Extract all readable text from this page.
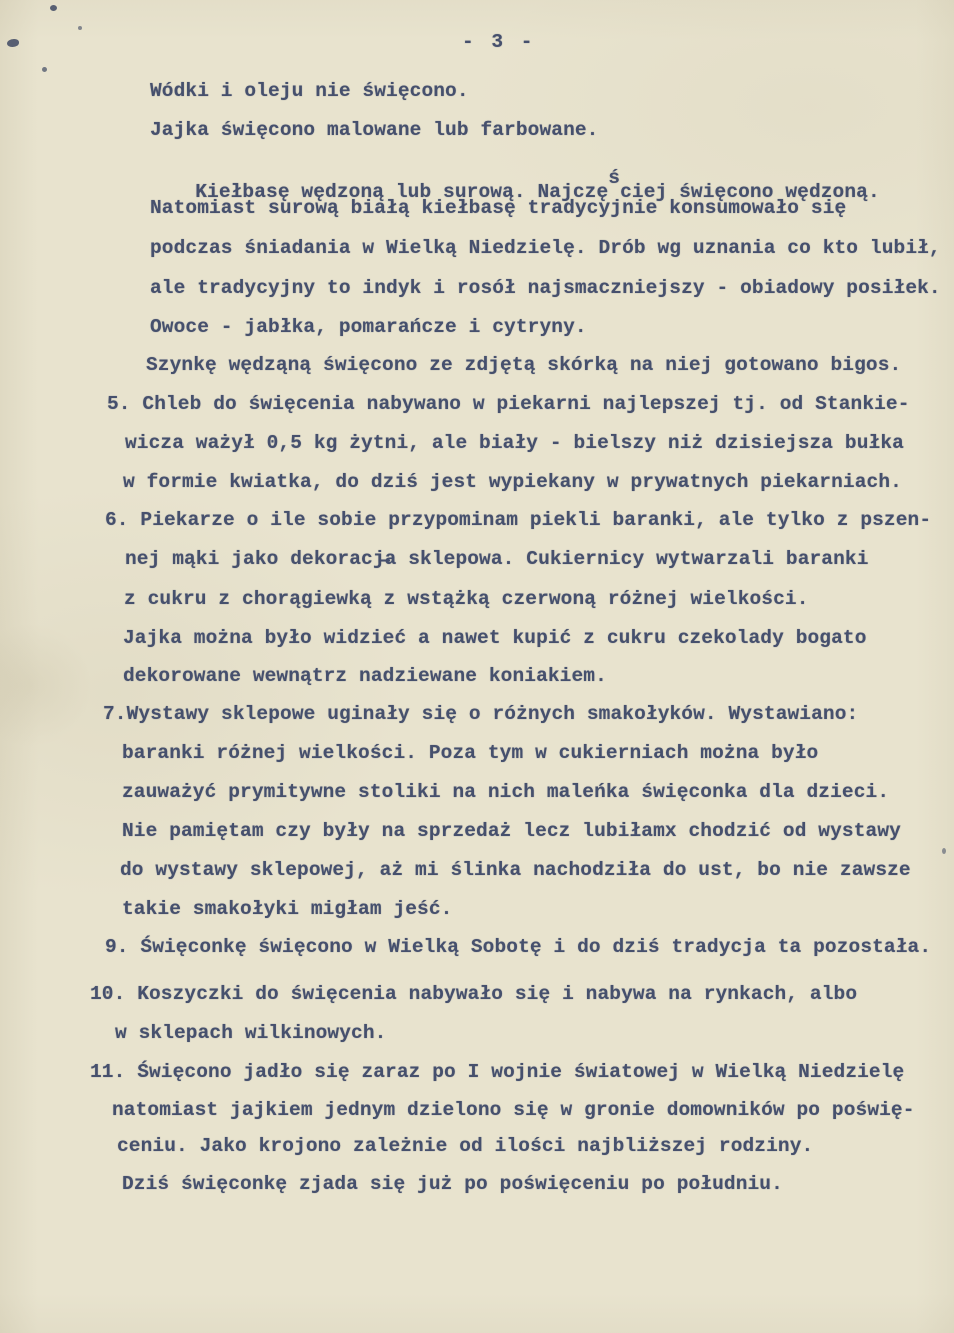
- 3 -
Wódki i oleju nie święcono.
Jajka święcono malowane lub farbowane.

Kiełbasę wędzoną lub surową. Najczęściej święcono wędzoną.

Natomiast surową białą kiełbasę tradycyjnie konsumowało się
podczas śniadania w Wielką Niedzielę. Drób wg uznania co kto lubił,
ale tradycyjny to indyk i rosół najsmaczniejszy - obiadowy posiłek.
Owoce - jabłka, pomarańcze i cytryny.
Szynkę wędząną święcono ze zdjętą skórką na niej gotowano bigos.
5. Chleb do święcenia nabywano w piekarni najlepszej tj. od Stankie-
wicza ważył 0,5 kg żytni, ale biały - bielszy niż dzisiejsza bułka
w formie kwiatka, do dziś jest wypiekany w prywatnych piekarniach.
6. Piekarze o ile sobie przypominam piekli baranki, ale tylko z pszen-
nej mąki jako dekoracj̶a sklepowa. Cukiernicy wytwarzali baranki
z cukru z chorągiewką z wstążką czerwoną różnej wielkości.
Jajka można było widzieć a nawet kupić z cukru czekolady bogato
dekorowane wewnątrz nadziewane koniakiem.
7.Wystawy sklepowe uginały się o różnych smakołyków. Wystawiano:
baranki różnej wielkości. Poza tym w cukierniach można było
zauważyć prymitywne stoliki na nich maleńka święconka dla dzieci.
Nie pamiętam czy były na sprzedaż lecz lubiłamx chodzić od wystawy
do wystawy sklepowej, aż mi ślinka nachodziła do ust, bo nie zawsze
takie smakołyki migłam jeść.
9. Święconkę święcono w Wielką Sobotę i do dziś tradycja ta pozostała.
10. Koszyczki do święcenia nabywało się i nabywa na rynkach, albo
w sklepach wilkinowych.
11. Święcono jadło się zaraz po I wojnie światowej w Wielką Niedzielę
natomiast jajkiem jednym dzielono się w gronie domowników po poświę-
ceniu. Jako krojono zależnie od ilości najbliższej rodziny.
Dziś święconkę zjada się już po poświęceniu po południu.
